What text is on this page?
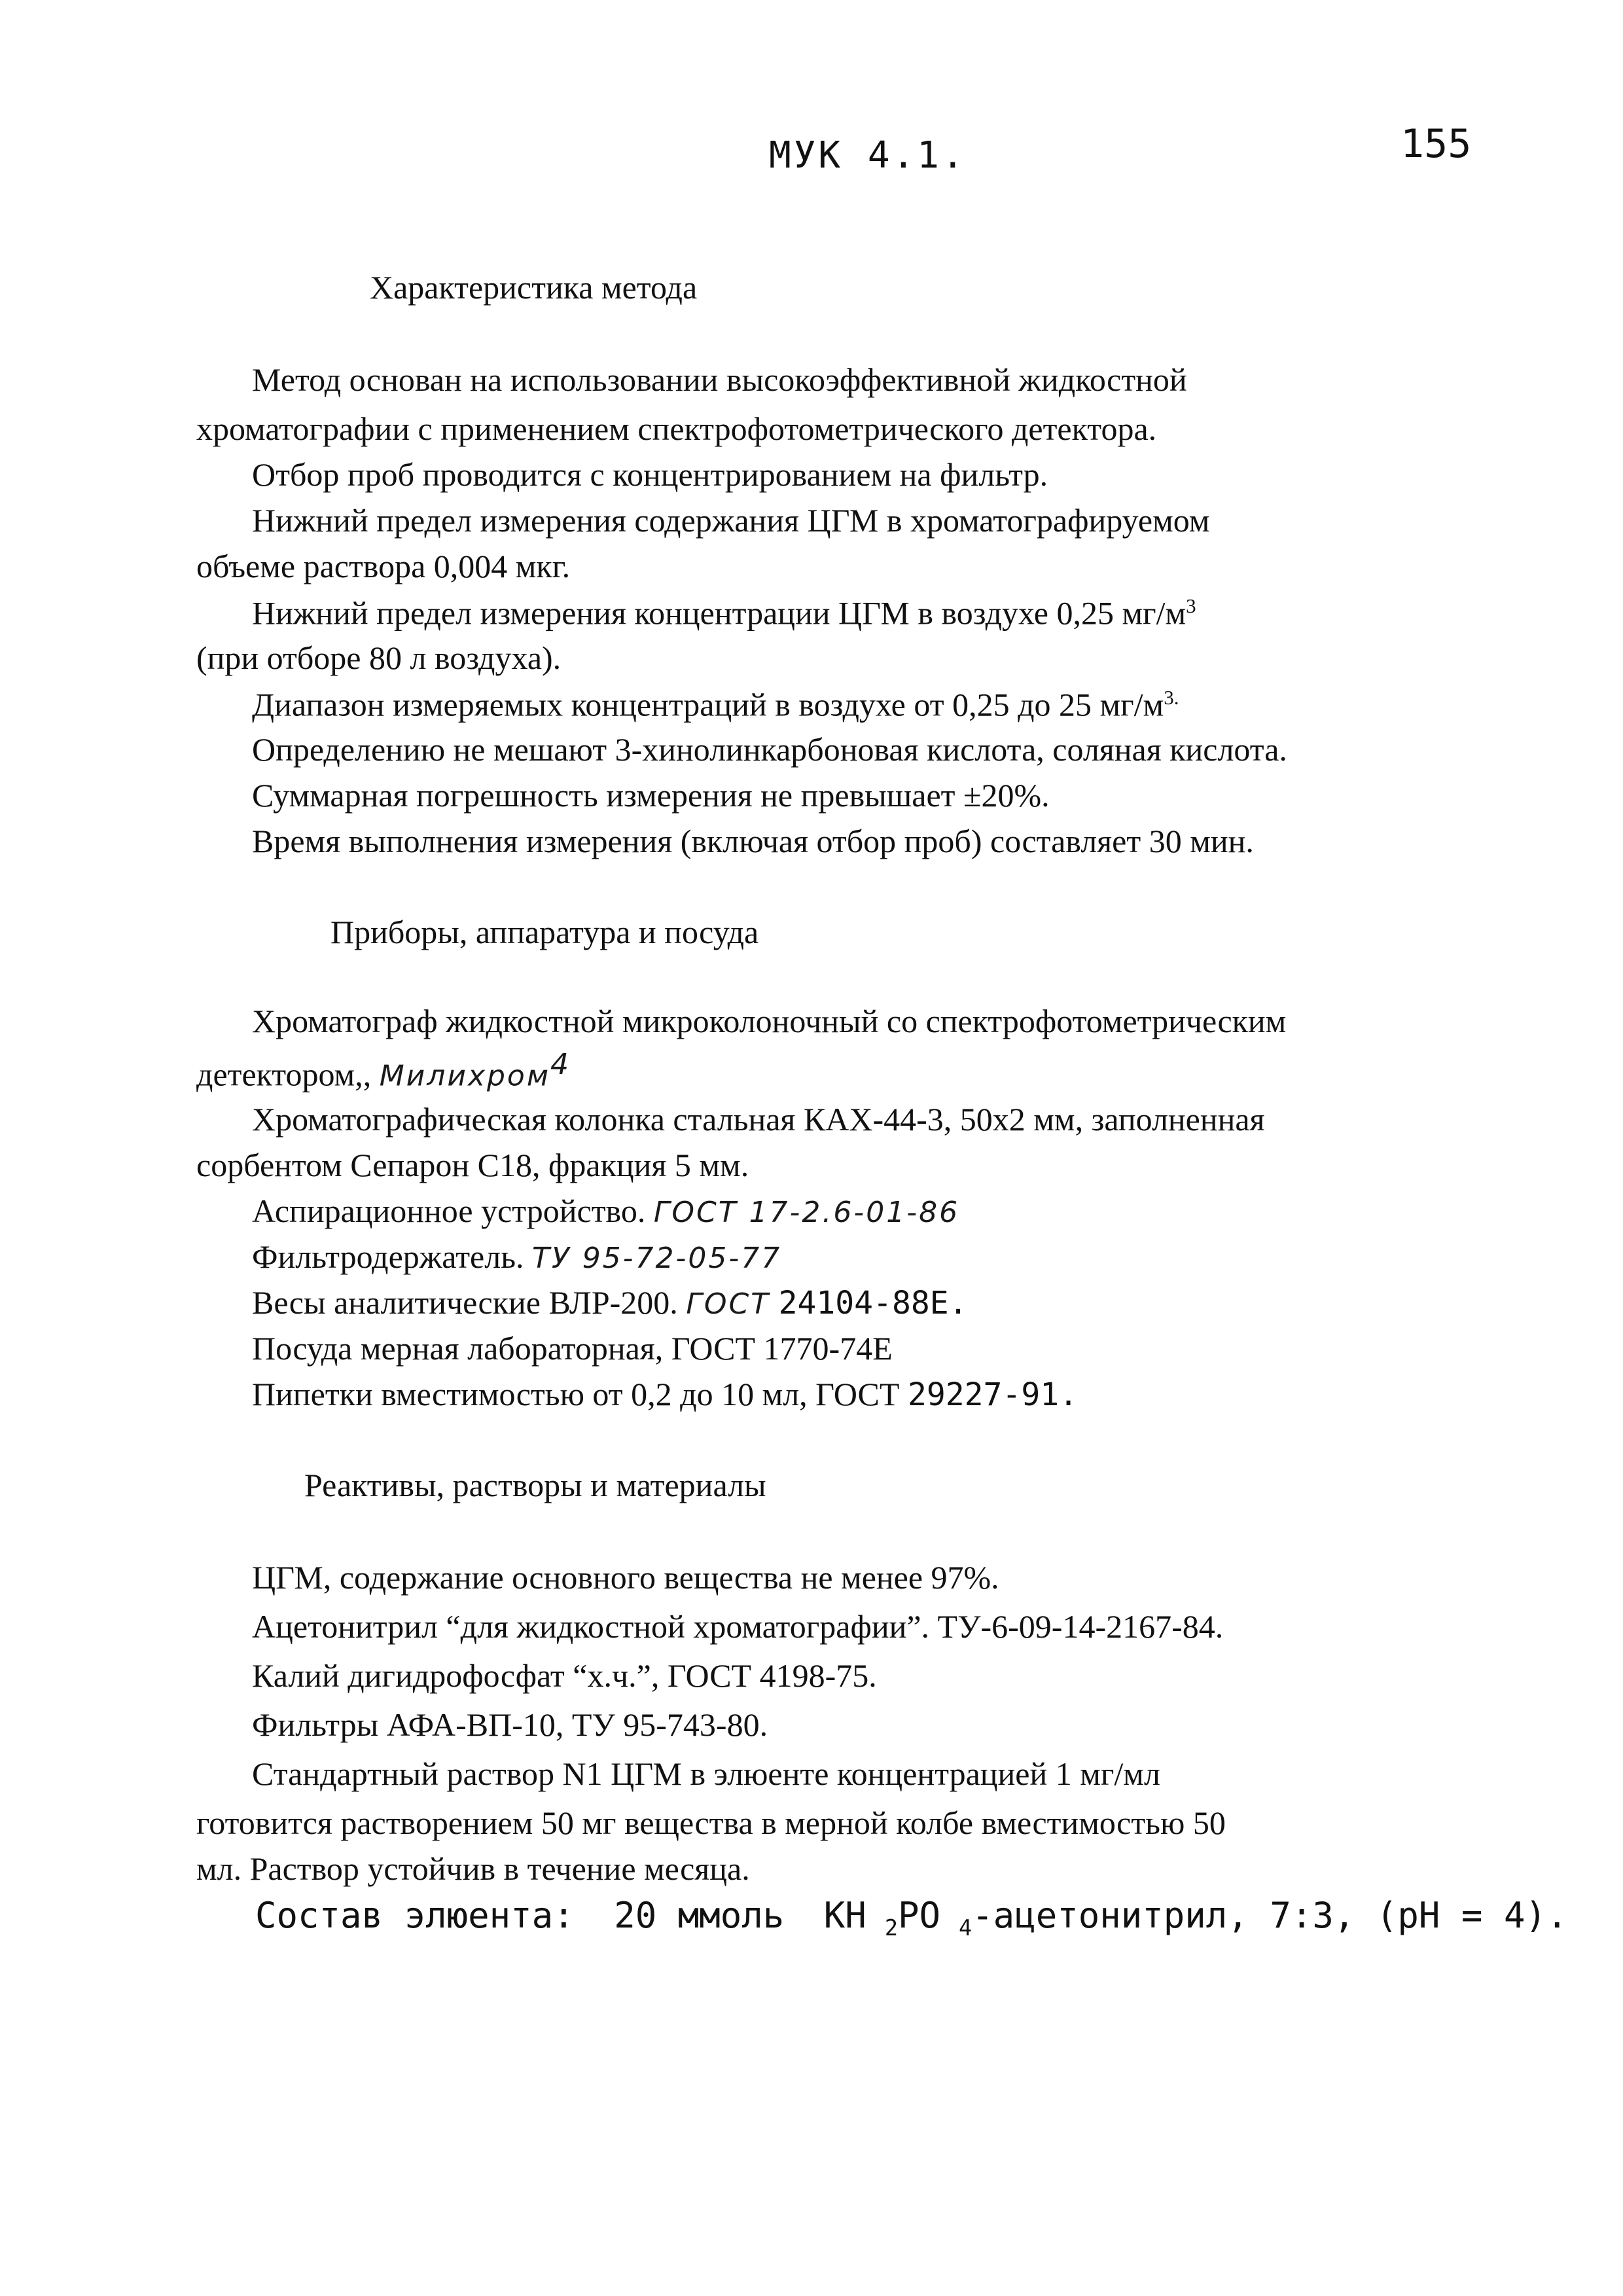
МУК 4.1.	155
Характеристика метода
Метод основан на использовании высокоэффективной жидкостной
хроматографии с применением спектрофотометрического детектора.
Отбор проб проводится с концентрированием на фильтр.
Нижний предел измерения содержания ЦГМ в хроматографируемом
объеме раствора 0,004 мкг.
Нижний предел измерения концентрации ЦГМ в воздухе 0,25 $мг/м^3$
(при отборе 80 л воздуха).
Диапазон измеряемых концентраций в воздухе от 0,25 до 25 $мг/м^{3.}$
Определению не мешают 3-хинолинкарбоновая кислота, соляная кислота.
Суммарная погрешность измерения не превышает ±20%.
Время выполнения измерения (включая отбор проб) составляет 30 мин.
Приборы, аппаратура и посуда
Хроматограф жидкостной микроколоночный со спектрофотометрическим
детектором,, Милихром$^4$
Хроматографическая колонка стальная КАХ-44-3, 50х2 мм, заполненная
сорбентом Сепарон С18, фракция 5 мм.
Аспирационное устройство. ГОСТ 17-2.6-01-86
Фильтродержатель. ТУ 95-72-05-77
Весы аналитические ВЛР-200. ГОСТ 24104-88Е.
Посуда мерная лабораторная, ГОСТ 1770-74Е
Пипетки вместимостью от 0,2 до 10 мл, ГОСТ 29227-91.
Реактивы, растворы и материалы
ЦГМ, содержание основного вещества не менее 97%.
Ацетонитрил “для жидкостной хроматографии”. ТУ-6-09-14-2167-84.
Калий дигидрофосфат “х.ч.”, ГОСТ 4198-75.
Фильтры АФА-ВП-10, ТУ 95-743-80.
Стандартный раствор N1 ЦГМ в элюенте концентрацией 1 мг/мл
готовится растворением 50 мг вещества в мерной колбе вместимостью 50
мл. Раствор устойчив в течение месяца.
Состав элюента: 20 ммоль KH $_2$PO $_4$-ацетонитрил, 7:3, (pH = 4).
